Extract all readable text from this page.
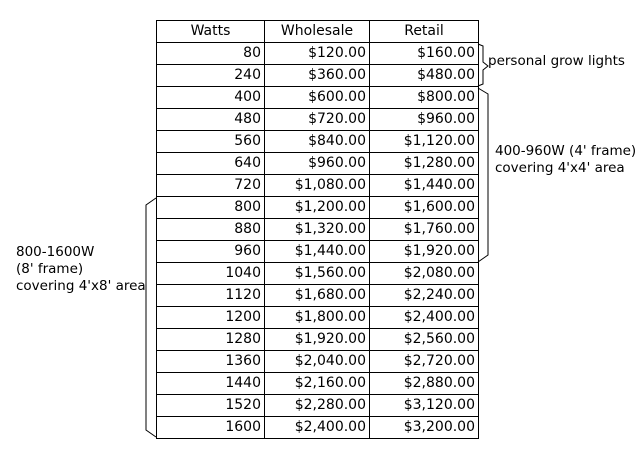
Watts	Wholesale	Retail
80	$120.00	$160.00
240	$360.00	$480.00
400	$600.00	$800.00
480	$720.00	$960.00
560	$840.00	$1,120.00
640	$960.00	$1,280.00
720	$1,080.00	$1,440.00
800	$1,200.00	$1,600.00
880	$1,320.00	$1,760.00
960	$1,440.00	$1,920.00
1040	$1,560.00	$2,080.00
1120	$1,680.00	$2,240.00
1200	$1,800.00	$2,400.00
1280	$1,920.00	$2,560.00
1360	$2,040.00	$2,720.00
1440	$2,160.00	$2,880.00
1520	$2,280.00	$3,120.00
1600	$2,400.00	$3,200.00
personal grow lights
400-960W (4' frame)
covering 4'x4' area
800-1600W
(8' frame)
covering 4'x8' area
